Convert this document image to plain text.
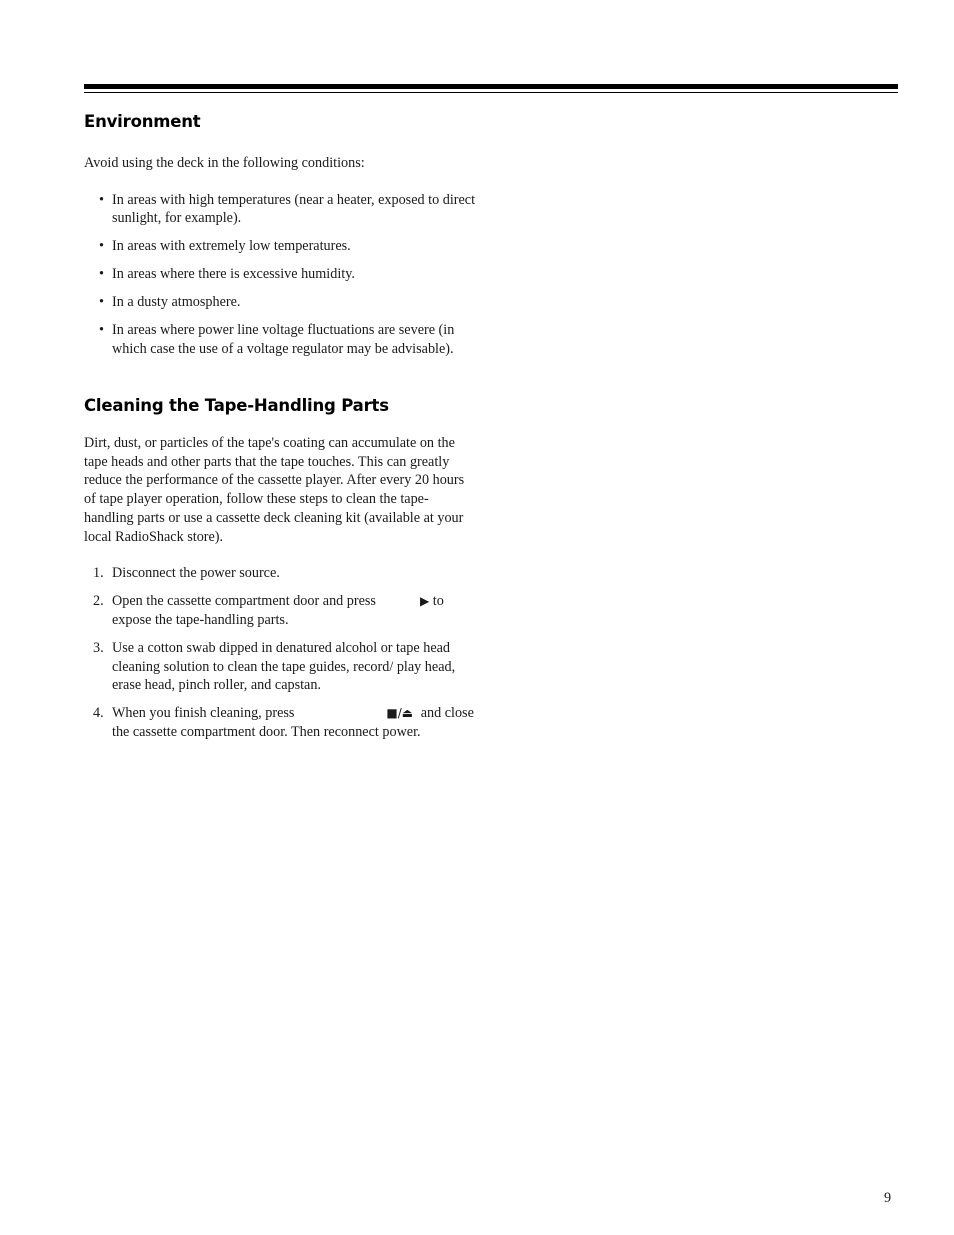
Environment

Avoid using the deck in the following conditions:

• In areas with high temperatures (near a heater, exposed to direct sunlight, for example).
• In areas with extremely low temperatures.
• In areas where there is excessive humidity.
• In a dusty atmosphere.
• In areas where power line voltage fluctuations are severe (in which case the use of a voltage regulator may be advisable).
Cleaning the Tape-Handling Parts

Dirt, dust, or particles of the tape's coating can accumulate on the tape heads and other parts that the tape touches. This can greatly reduce the performance of the cassette player. After every 20 hours of tape player operation, follow these steps to clean the tape-handling parts or use a cassette deck cleaning kit (available at your local RadioShack store).

1. Disconnect the power source.
2. Open the cassette compartment door and press	▶ to expose the tape-handling parts.
3. Use a cotton swab dipped in denatured alcohol or tape head cleaning solution to clean the tape guides, record/ play head, erase head, pinch roller, and capstan.
4. When you finish cleaning, press	■/⏏ and close the cassette compartment door. Then reconnect power.
9
